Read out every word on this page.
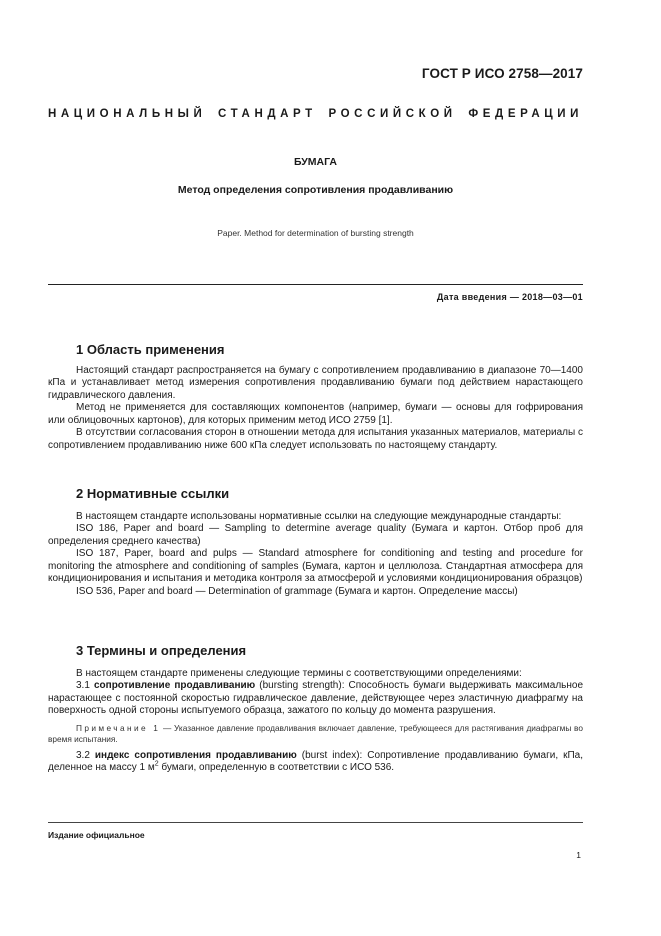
ГОСТ Р ИСО 2758—2017
НАЦИОНАЛЬНЫЙ СТАНДАРТ РОССИЙСКОЙ ФЕДЕРАЦИИ
БУМАГА
Метод определения сопротивления продавливанию
Paper. Method for determination of bursting strength
Дата введения — 2018—03—01
1 Область применения

Настоящий стандарт распространяется на бумагу с сопротивлением продавливанию в диапазоне 70—1400 кПа и устанавливает метод измерения сопротивления продавливанию бумаги под действием нарастающего гидравлического давления.

Метод не применяется для составляющих компонентов (например, бумаги — основы для гофрирования или облицовочных картонов), для которых применим метод ИСО 2759 [1].

В отсутствии согласования сторон в отношении метода для испытания указанных материалов, материалы с сопротивлением продавливанию ниже 600 кПа следует использовать по настоящему стандарту.

2 Нормативные ссылки

В настоящем стандарте использованы нормативные ссылки на следующие международные стандарты:

ISO 186, Paper and board — Sampling to determine average quality (Бумага и картон. Отбор проб для определения среднего качества)

ISO 187, Paper, board and pulps — Standard atmosphere for conditioning and testing and procedure for monitoring the atmosphere and conditioning of samples (Бумага, картон и целлюлоза. Стандартная атмосфера для кондиционирования и испытания и методика контроля за атмосферой и условиями кондиционирования образцов)

ISO 536, Paper and board — Determination of grammage (Бумага и картон. Определение массы)

3 Термины и определения

В настоящем стандарте применены следующие термины с соответствующими определениями:

3.1 сопротивление продавливанию (bursting strength): Способность бумаги выдерживать максимальное нарастающее с постоянной скоростью гидравлическое давление, действующее через эластичную диафрагму на поверхность одной стороны испытуемого образца, зажатого по кольцу до момента разрушения.

Примечание 1 — Указанное давление продавливания включает давление, требующееся для растягивания диафрагмы во время испытания.

3.2 индекс сопротивления продавливанию (burst index): Сопротивление продавливанию бумаги, кПа, деленное на массу 1 $м^2$ бумаги, определенную в соответствии с ИСО 536.

Издание официальное
1
